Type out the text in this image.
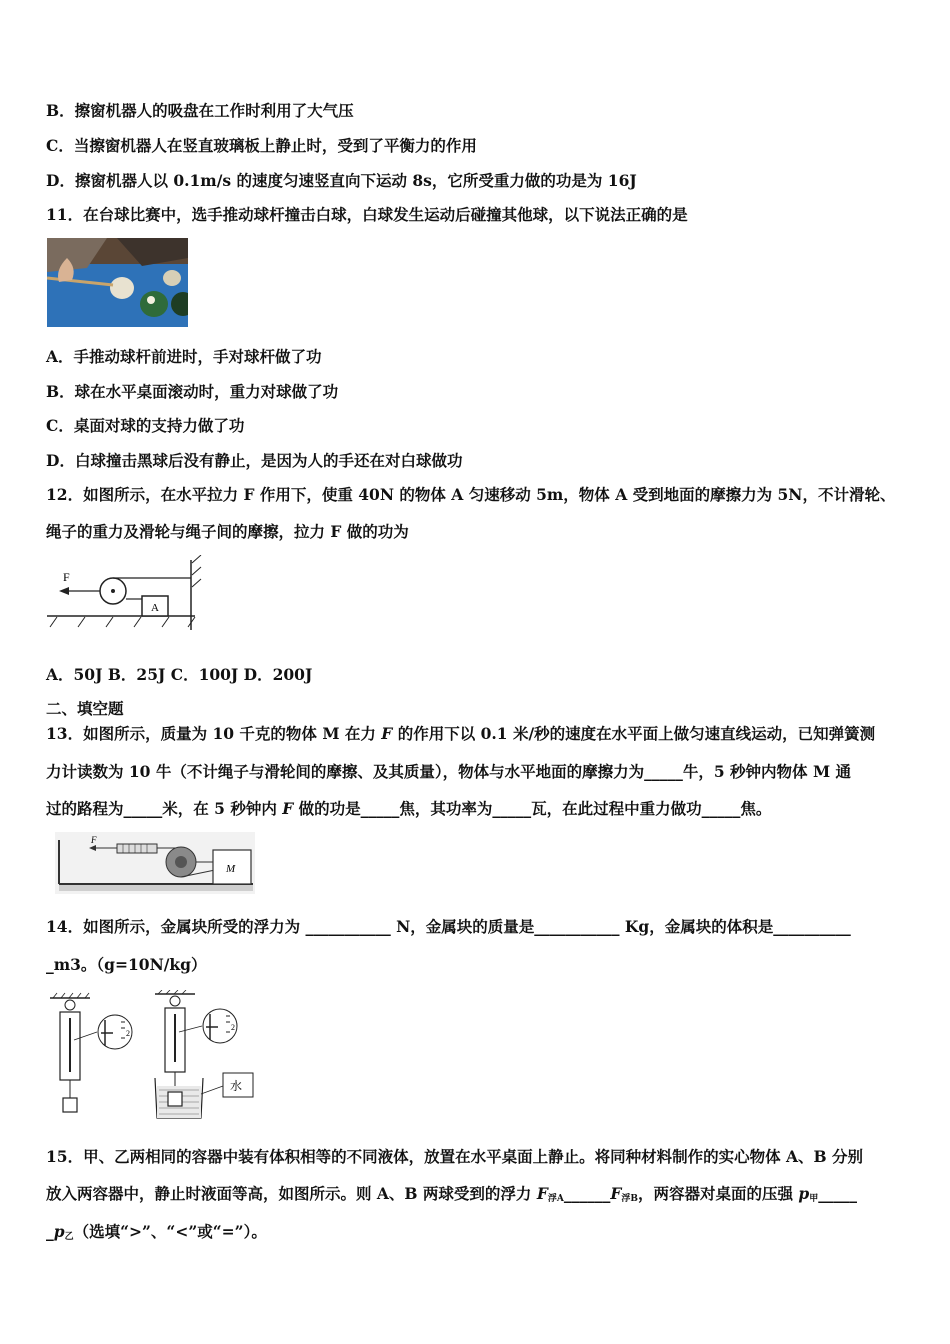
B．擦窗机器人的吸盘在工作时利用了大气压
C．当擦窗机器人在竖直玻璃板上静止时，受到了平衡力的作用
D．擦窗机器人以 0.1m/s 的速度匀速竖直向下运动 8s，它所受重力做的功是为 16J
11．在台球比赛中，选手推动球杆撞击白球，白球发生运动后碰撞其他球，以下说法正确的是
A．手推动球杆前进时，手对球杆做了功
B．球在水平桌面滚动时，重力对球做了功
C．桌面对球的支持力做了功
D．白球撞击黑球后没有静止，是因为人的手还在对白球做功
12．如图所示，在水平拉力 F 作用下，使重 40N 的物体 A 匀速移动 5m，物体 A 受到地面的摩擦力为 5N，不计滑轮、
绳子的重力及滑轮与绳子间的摩擦，拉力 F 做的功为
F
A
A．50J B．25J C．100J D．200J
二、填空题
13．如图所示，质量为 10 千克的物体 M 在力 F 的作用下以 0.1 米/秒的速度在水平面上做匀速直线运动，已知弹簧测
力计读数为 10 牛（不计绳子与滑轮间的摩擦、及其质量），物体与水平地面的摩擦力为_____牛，5 秒钟内物体 M 通
过的路程为_____米，在 5 秒钟内 F 做的功是_____焦，其功率为_____瓦，在此过程中重力做功_____焦。
F
M
14．如图所示，金属块所受的浮力为 ___________ N，金属块的质量是___________ Kg，金属块的体积是__________
_m3。（g=10N/kg）
2
2
水
15．甲、乙两相同的容器中装有体积相等的不同液体，放置在水平桌面上静止。将同种材料制作的实心物体 A、B 分别
放入两容器中，静止时液面等高，如图所示。则 A、B 两球受到的浮力 $F_{浮A}\_\_\_\_\_\_F_{浮B}$，两容器对桌面的压强 $p_甲\_\_\_\_\_$
$\_p_乙$（选填“>”、“<”或“=”）。
